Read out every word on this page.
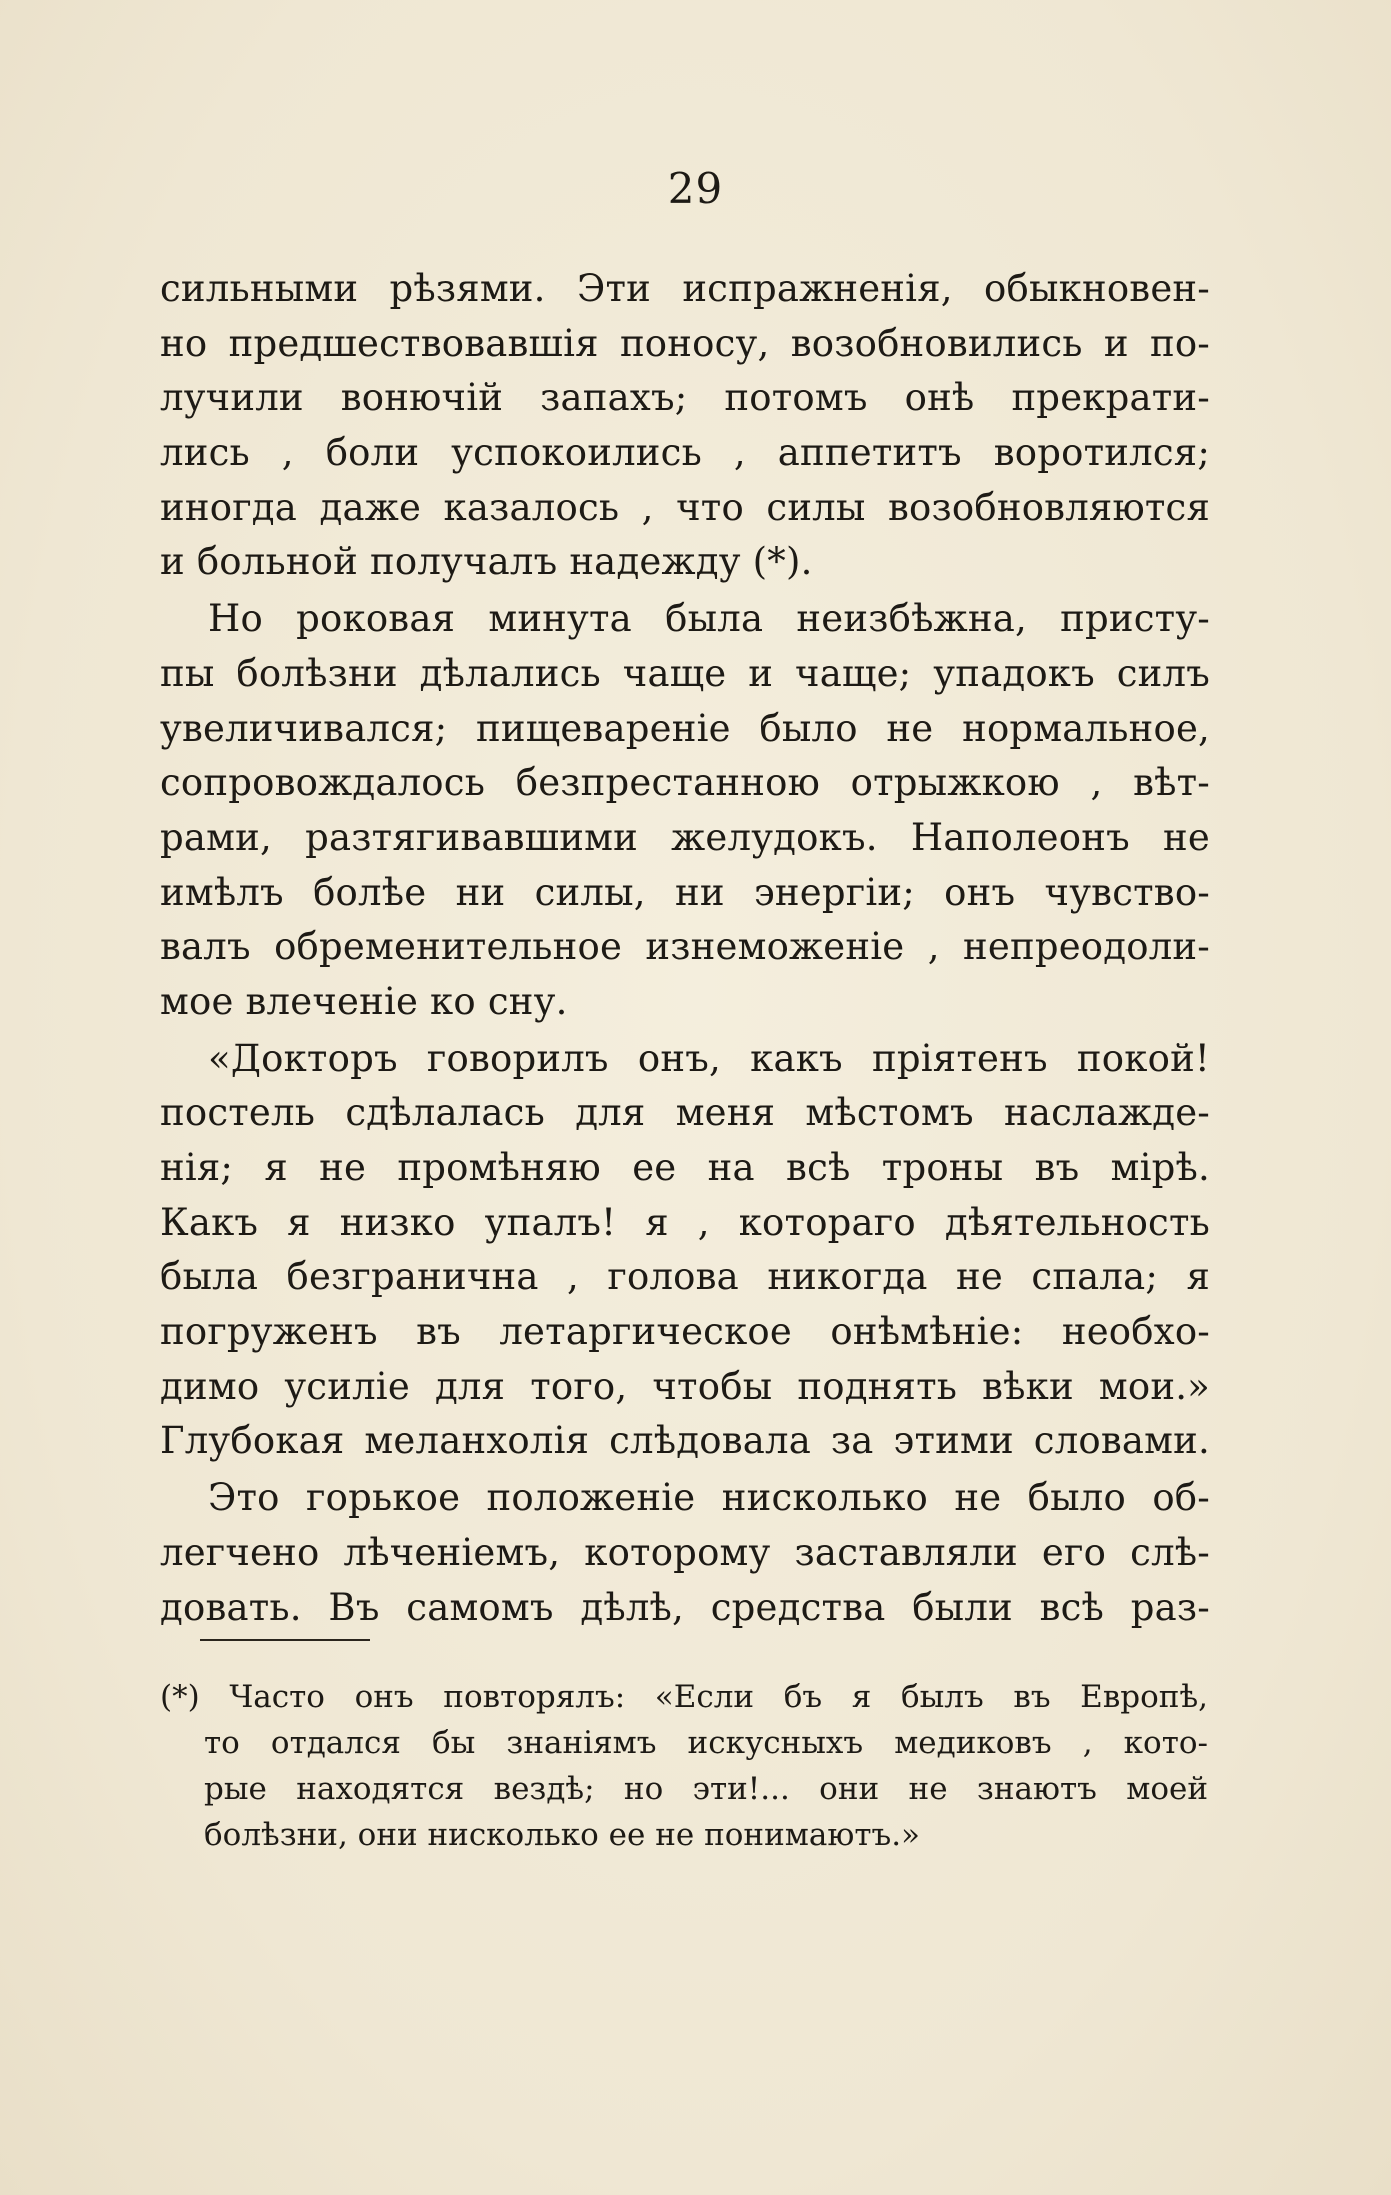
29
сильными рѣзями. Эти испражненія, обыкновен-
но предшествовавшія поносу, возобновились и по-
лучили вонючій запахъ; потомъ онѣ прекрати-
лись , боли успокоились , аппетитъ воротился;
иногда даже казалось , что силы возобновляются
и больной получалъ надежду (*).
Но роковая минута была неизбѣжна, присту-
пы болѣзни дѣлались чаще и чаще; упадокъ силъ
увеличивался; пищевареніе было не нормальное,
сопровождалось безпрестанною отрыжкою , вѣт-
рами, разтягивавшими желудокъ. Наполеонъ не
имѣлъ болѣе ни силы, ни энергіи; онъ чувство-
валъ обременительное изнеможеніе , непреодоли-
мое влеченіе ко сну.
«Докторъ говорилъ онъ, какъ пріятенъ покой!
постель сдѣлалась для меня мѣстомъ наслажде-
нія; я не промѣняю ее на всѣ троны въ мірѣ.
Какъ я низко упалъ! я , котораго дѣятельность
была безгранична , голова никогда не спала; я
погруженъ въ летаргическое онѣмѣніе: необхо-
димо усиліе для того, чтобы поднять вѣки мои.»
Глубокая меланхолія слѣдовала за этими словами.
Это горькое положеніе нисколько не было об-
легчено лѣченіемъ, которому заставляли его слѣ-
довать. Въ самомъ дѣлѣ, средства были всѣ раз-
(*) Часто онъ повторялъ: «Если бъ я былъ въ Европѣ,
то отдался бы знаніямъ искусныхъ медиковъ , кото-
рые находятся вездѣ; но эти!... они не знаютъ моей
болѣзни, они нисколько ее не понимаютъ.»
